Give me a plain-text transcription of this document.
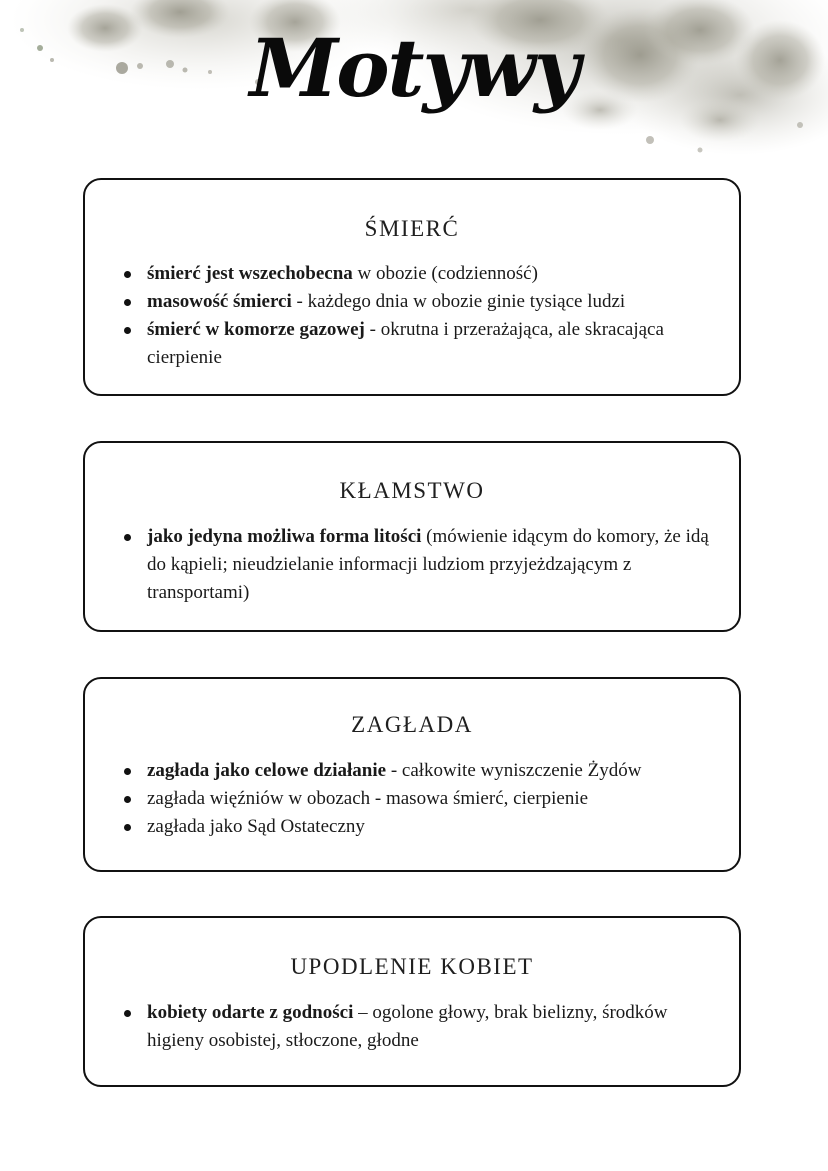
Motywy
ŚMIERĆ
śmierć jest wszechobecna w obozie (codzienność)
masowość śmierci - każdego dnia w obozie ginie tysiące ludzi
śmierć w komorze gazowej - okrutna i przerażająca, ale skracająca cierpienie
KŁAMSTWO
jako jedyna możliwa forma litości (mówienie idącym do komory, że idą do kąpieli; nieudzielanie informacji ludziom przyjeżdzającym z transportami)
ZAGŁADA
zagłada jako celowe działanie - całkowite wyniszczenie Żydów
zagłada więźniów w obozach - masowa śmierć, cierpienie
zagłada jako Sąd Ostateczny
UPODLENIE KOBIET
kobiety odarte z godności – ogolone głowy, brak bielizny, środków higieny osobistej, stłoczone, głodne
